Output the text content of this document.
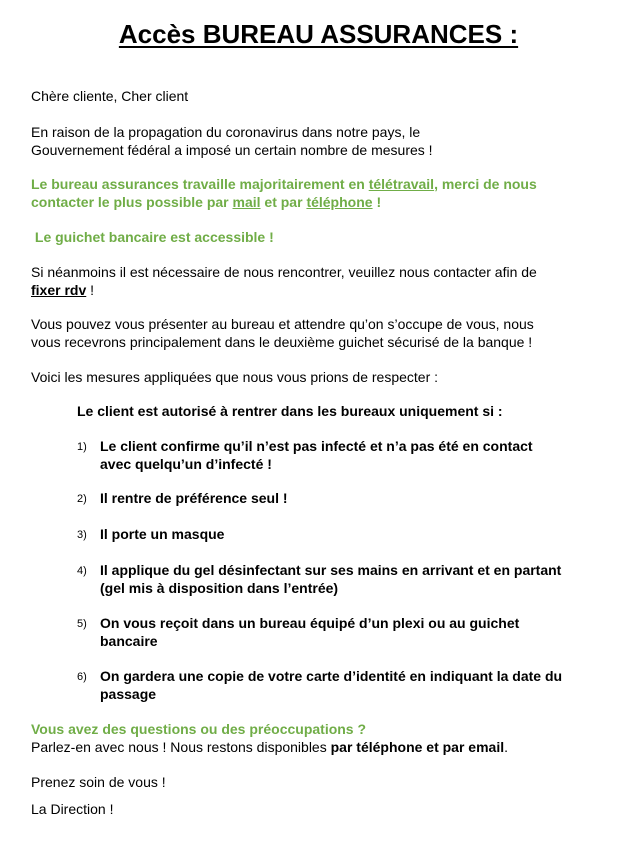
Accès BUREAU ASSURANCES :

Chère cliente, Cher client

En raison de la propagation du coronavirus dans notre pays, le
Gouvernement fédéral a imposé un certain nombre de mesures !

Le bureau assurances travaille majoritairement en télétravail, merci de nous
contacter le plus possible par mail et par téléphone !

Le guichet bancaire est accessible !

Si néanmoins il est nécessaire de nous rencontrer, veuillez nous contacter afin de
fixer rdv !

Vous pouvez vous présenter au bureau et attendre qu’on s’occupe de vous, nous
vous recevrons principalement dans le deuxième guichet sécurisé de la banque !

Voici les mesures appliquées que nous vous prions de respecter :

Le client est autorisé à rentrer dans les bureaux uniquement si :
1) Le client confirme qu’il n’est pas infecté et n’a pas été en contact
avec quelqu’un d’infecté !
2) Il rentre de préférence seul !
3) Il porte un masque
4) Il applique du gel désinfectant sur ses mains en arrivant et en partant
(gel mis à disposition dans l’entrée)
5) On vous reçoit dans un bureau équipé d’un plexi ou au guichet
bancaire
6) On gardera une copie de votre carte d’identité en indiquant la date du
passage

Vous avez des questions ou des préoccupations ?

Parlez-en avec nous ! Nous restons disponibles par téléphone et par email.

Prenez soin de vous !

La Direction !
